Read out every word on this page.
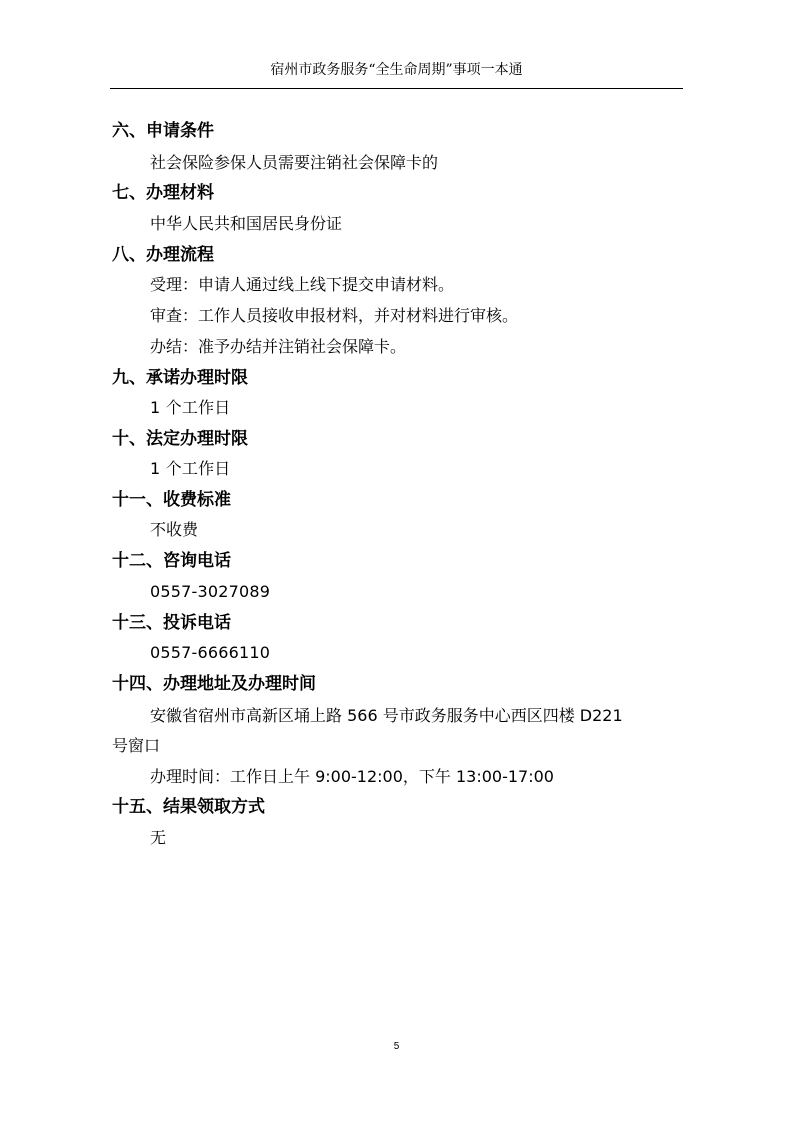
宿州市政务服务“全生命周期”事项一本通
六、申请条件
社会保险参保人员需要注销社会保障卡的
七、办理材料
中华人民共和国居民身份证
八、办理流程
受理：申请人通过线上线下提交申请材料。
审查：工作人员接收申报材料，并对材料进行审核。
办结：准予办结并注销社会保障卡。
九、承诺办理时限
1 个工作日
十、法定办理时限
1 个工作日
十一、收费标准
不收费
十二、咨询电话
0557-3027089
十三、投诉电话
0557-6666110
十四、办理地址及办理时间
安徽省宿州市高新区埇上路 566 号市政务服务中心西区四楼 D221
号窗口
办理时间：工作日上午 9:00-12:00，下午 13:00-17:00
十五、结果领取方式
无
5
